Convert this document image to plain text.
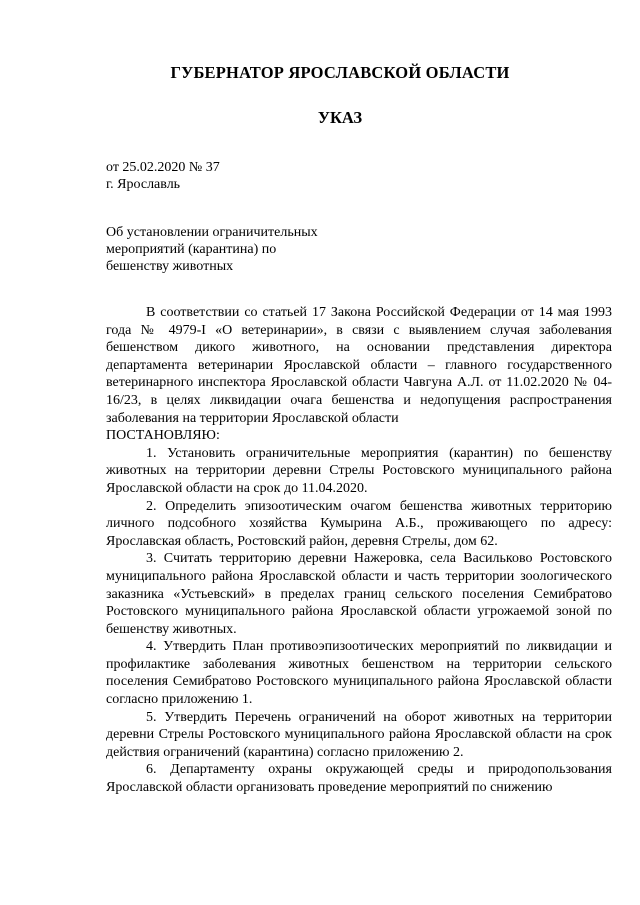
ГУБЕРНАТОР ЯРОСЛАВСКОЙ ОБЛАСТИ
УКАЗ
от 25.02.2020 № 37
г. Ярославль
Об установлении ограничительных
мероприятий (карантина) по
бешенству животных

В соответствии со статьей 17 Закона Российской Федерации от 14 мая 1993 года № 4979-I «О ветеринарии», в связи с выявлением случая заболевания бешенством дикого животного, на основании представления директора департамента ветеринарии Ярославской области – главного государственного ветеринарного инспектора Ярославской области Чавгуна А.Л. от 11.02.2020 № 04-16/23, в целях ликвидации очага бешенства и недопущения распространения заболевания на территории Ярославской области

ПОСТАНОВЛЯЮ:

1. Установить ограничительные мероприятия (карантин) по бешенству животных на территории деревни Стрелы Ростовского муниципального района Ярославской области на срок до 11.04.2020.

2. Определить эпизоотическим очагом бешенства животных территорию личного подсобного хозяйства Кумырина А.Б., проживающего по адресу: Ярославская область, Ростовский район, деревня Стрелы, дом 62.

3. Считать территорию деревни Нажеровка, села Васильково Ростовского муниципального района Ярославской области и часть территории зоологического заказника «Устьевский» в пределах границ сельского поселения Семибратово Ростовского муниципального района Ярославской области угрожаемой зоной по бешенству животных.

4. Утвердить План противоэпизоотических мероприятий по ликвидации и профилактике заболевания животных бешенством на территории сельского поселения Семибратово Ростовского муниципального района Ярославской области согласно приложению 1.

5. Утвердить Перечень ограничений на оборот животных на территории деревни Стрелы Ростовского муниципального района Ярославской области на срок действия ограничений (карантина) согласно приложению 2.

6. Департаменту охраны окружающей среды и природопользования Ярославской области организовать проведение мероприятий по снижению
